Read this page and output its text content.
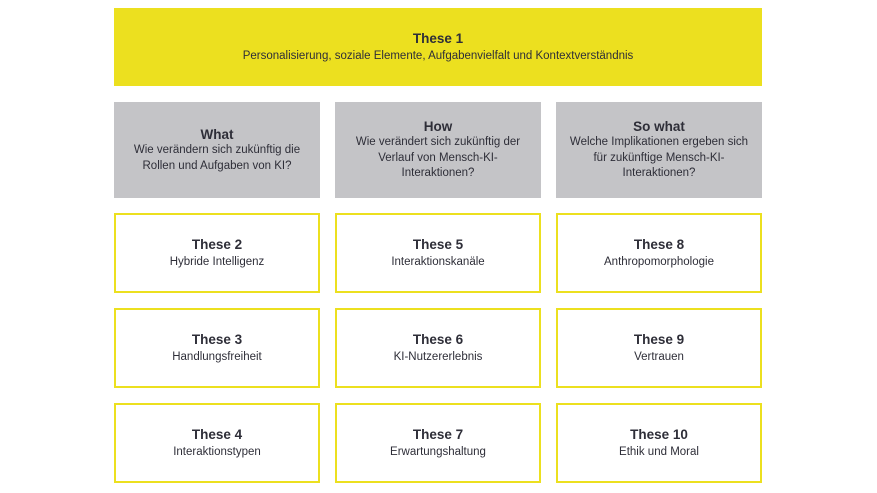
These 1
Personalisierung, soziale Elemente, Aufgabenvielfalt und Kontextverständnis
What
Wie verändern sich zukünftig die Rollen und Aufgaben von KI?
How
Wie verändert sich zukünftig der Verlauf von Mensch-KI-Interaktionen?
So what
Welche Implikationen ergeben sich für zukünftige Mensch-KI-Interaktionen?
These 2
Hybride Intelligenz
These 3
Handlungsfreiheit
These 4
Interaktionstypen
These 5
Interaktionskanäle
These 6
KI-Nutzererlebnis
These 7
Erwartungshaltung
These 8
Anthropomorphologie
These 9
Vertrauen
These 10
Ethik und Moral
